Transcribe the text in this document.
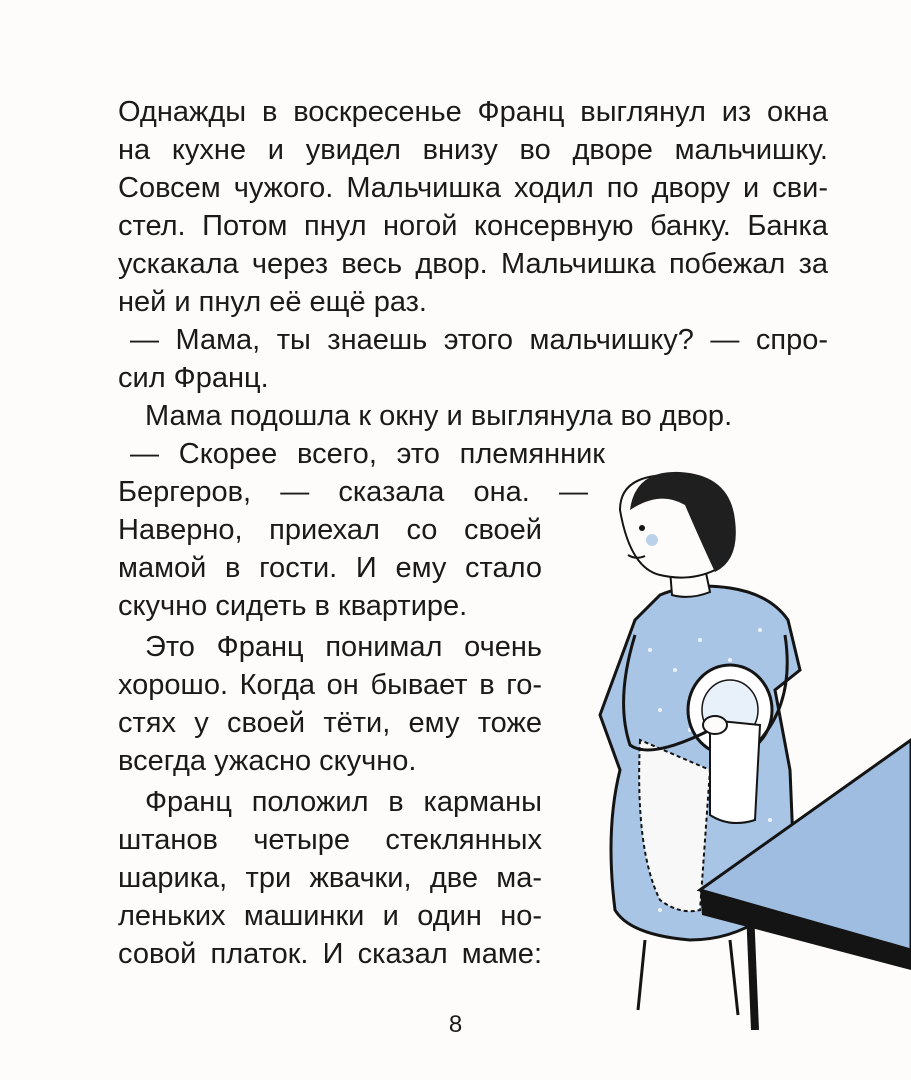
Однажды в воскресенье Франц выглянул из окна

на кухне и увидел внизу во дворе мальчишку.

Совсем чужого. Мальчишка ходил по двору и сви-

стел. Потом пнул ногой консервную банку. Банка

ускакала через весь двор. Мальчишка побежал за

ней и пнул её ещё раз.

— Мама, ты знаешь этого мальчишку? — спро-

сил Франц.

Мама подошла к окну и выглянула во двор.

— Скорее всего, это племянник

Бергеров, — сказала она. —

Наверно, приехал со своей

мамой в гости. И ему стало

скучно сидеть в квартире.

Это Франц понимал очень

хорошо. Когда он бывает в го-

стях у своей тёти, ему тоже

всегда ужасно скучно.

Франц положил в карманы

штанов четыре стеклянных

шарика, три жвачки, две ма-

леньких машинки и один но-

совой платок. И сказал маме:

8
